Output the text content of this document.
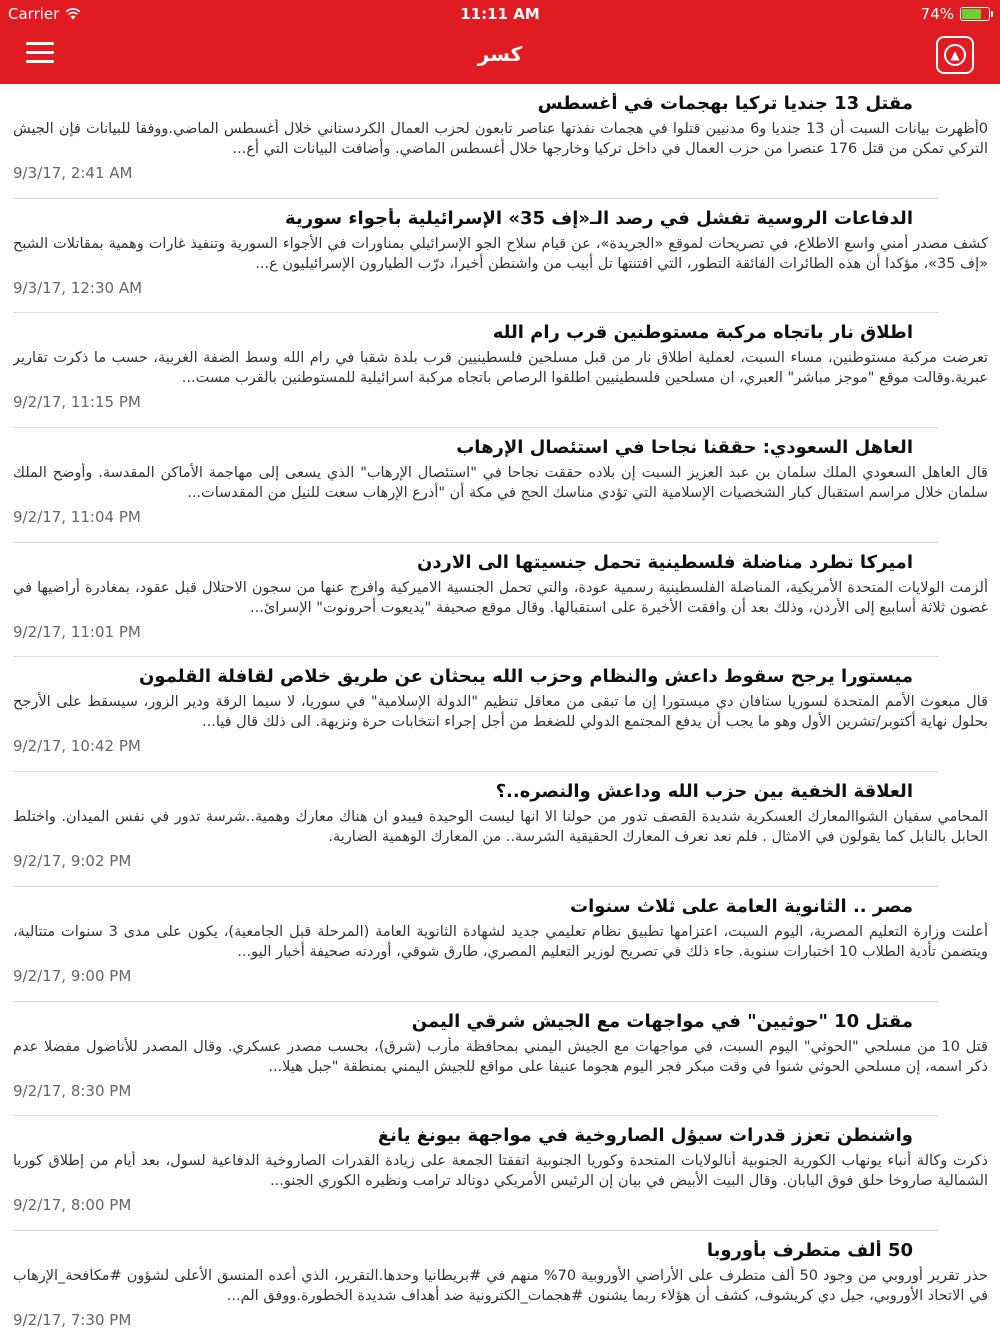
Carrier	11:11 AM	74%
كسر	▲
مقتل 13 جنديا تركيا بهجمات في أغسطس
0أظهرت بيانات السبت أن 13 جنديا و6 مدنيين قتلوا في هجمات نفذتها عناصر تابعون لحزب العمال الكردستاني خلال أغسطس الماضي.ووفقا للبيانات فإن الجيش التركي تمكن من قتل 176 عنصرا من حزب العمال في داخل تركيا وخارجها خلال أغسطس الماضي. وأضافت البيانات التي أع...
9/3/17, 2:41 AM
الدفاعات الروسية تفشل في رصد الـ«إف 35» الإسرائيلية بأجواء سورية
كشف مصدر أمني واسع الاطلاع، في تصريحات لموقع «الجريدة»، عن قيام سلاح الجو الإسرائيلي بمناورات في الأجواء السورية وتنفيذ غارات وهمية بمقاتلات الشبح «إف 35»، مؤكدا أن هذه الطائرات الفائقة التطور، التي اقتنتها تل أبيب من واشنطن أخيرا، درّب الطيارون الإسرائيليون ع...
9/3/17, 12:30 AM
اطلاق نار باتجاه مركبة مستوطنين قرب رام الله
تعرضت مركبة مستوطنين، مساء السبت، لعملية اطلاق نار من قبل مسلحين فلسطينيين قرب بلدة شقبا في رام الله وسط الضفة الغربية، حسب ما ذكرت تقارير عبرية.وقالت موقع "موجز مباشر" العبري، ان مسلحين فلسطينيين اطلقوا الرصاص باتجاه مركبة اسرائيلية للمستوطنين بالقرب مست...
9/2/17, 11:15 PM
العاهل السعودي: حققنا نجاحا في استئصال الإرهاب
قال العاهل السعودي الملك سلمان بن عبد العزيز السبت إن بلاده حققت نجاحا في "استئصال الإرهاب" الذي يسعى إلى مهاجمة الأماكن المقدسة. وأوضح الملك سلمان خلال مراسم استقبال كبار الشخصيات الإسلامية التي تؤدي مناسك الحج في مكة أن "أذرع الإرهاب سعت للنيل من المقدسات...
9/2/17, 11:04 PM
اميركا تطرد مناضلة فلسطينية تحمل جنسيتها الى الاردن
ألزمت الولايات المتحدة الأمريكية، المناضلة الفلسطينية رسمية عودة، والتي تحمل الجنسية الاميركية وافرج عنها من سجون الاحتلال قبل عقود، بمغادرة أراضيها في غضون ثلاثة أسابيع إلى الأردن، وذلك بعد أن وافقت الأخيرة على استقبالها. وقال موقع صحيفة "يديعوت أحرونوت" الإسرائ...
9/2/17, 11:01 PM
ميستورا يرجح سقوط داعش والنظام وحزب الله يبحثان عن طريق خلاص لقافلة القلمون
قال مبعوث الأمم المتحدة لسوريا ستافان دي ميستورا إن ما تبقى من معاقل تنظيم "الدولة الإسلامية" في سوريا، لا سيما الرقة ودير الزور، سيسقط على الأرجح بحلول نهاية أكتوبر/تشرين الأول وهو ما يجب أن يدفع المجتمع الدولي للضغط من أجل إجراء انتخابات حرة ونزيهة. الى ذلك قال فيا...
9/2/17, 10:42 PM
العلاقة الخفية بين حزب الله وداعش والنصره..؟
المحامي سفيان الشواالمعارك العسكرية شديدة القصف تدور من حولنا الا انها ليست الوحيدة فيبدو ان هناك معارك وهمية..شرسة تدور في نفس الميدان. واختلط الحابل بالنابل كما يقولون في الامثال . فلم نعد نعرف المعارك الحقيقية الشرسة.. من المعارك الوهمية الضارية.
9/2/17, 9:02 PM
مصر .. الثانوية العامة على ثلاث سنوات
أعلنت وزارة التعليم المصرية، اليوم السبت، اعتزامها تطبيق نظام تعليمي جديد لشهادة الثانوية العامة (المرحلة قبل الجامعية)، يكون على مدى 3 سنوات متتالية، ويتضمن تأدية الطلاب 10 اختبارات سنوية. جاء ذلك في تصريح لوزير التعليم المصري، طارق شوقي، أوردته صحيفة أخبار اليو...
9/2/17, 9:00 PM
مقتل 10 "حوثيين" في مواجهات مع الجيش شرقي اليمن
قتل 10 من مسلحي "الحوثي" اليوم السبت، في مواجهات مع الجيش اليمني بمحافظة مأرب (شرق)، بحسب مصدر عسكري. وقال المصدر للأناضول مفضلا عدم ذكر اسمه، إن مسلحي الحوثي شنوا في وقت مبكر فجر اليوم هجوما عنيفا على مواقع للجيش اليمني بمنطقة "جبل هيلا...
9/2/17, 8:30 PM
واشنطن تعزز قدرات سيؤل الصاروخية في مواجهة بيونغ يانغ
ذكرت وكالة أنباء يونهاب الكورية الجنوبية أنالولايات المتحدة وكوريا الجنوبية اتفقتا الجمعة على زيادة القدرات الصاروخية الدفاعية لسول، بعد أيام من إطلاق كوريا الشمالية صاروخا حلق فوق اليابان. وقال البيت الأبيض في بيان إن الرئيس الأمريكي دونالد ترامب ونظيره الكوري الجنو...
9/2/17, 8:00 PM
50 ألف متطرف بأوروبا
حذر تقرير أوروبي من وجود 50 ألف متطرف على الأراضي الأوروبية 70% منهم في #بريطانيا وحدها.التقرير، الذي أعده المنسق الأعلى لشؤون #مكافحة_الإرهاب في الاتحاد الأوروبي، جيل دي كريشوف، كشف أن هؤلاء ربما يشنون #هجمات_الكترونية ضد أهداف شديدة الخطورة.ووفق الم...
9/2/17, 7:30 PM
